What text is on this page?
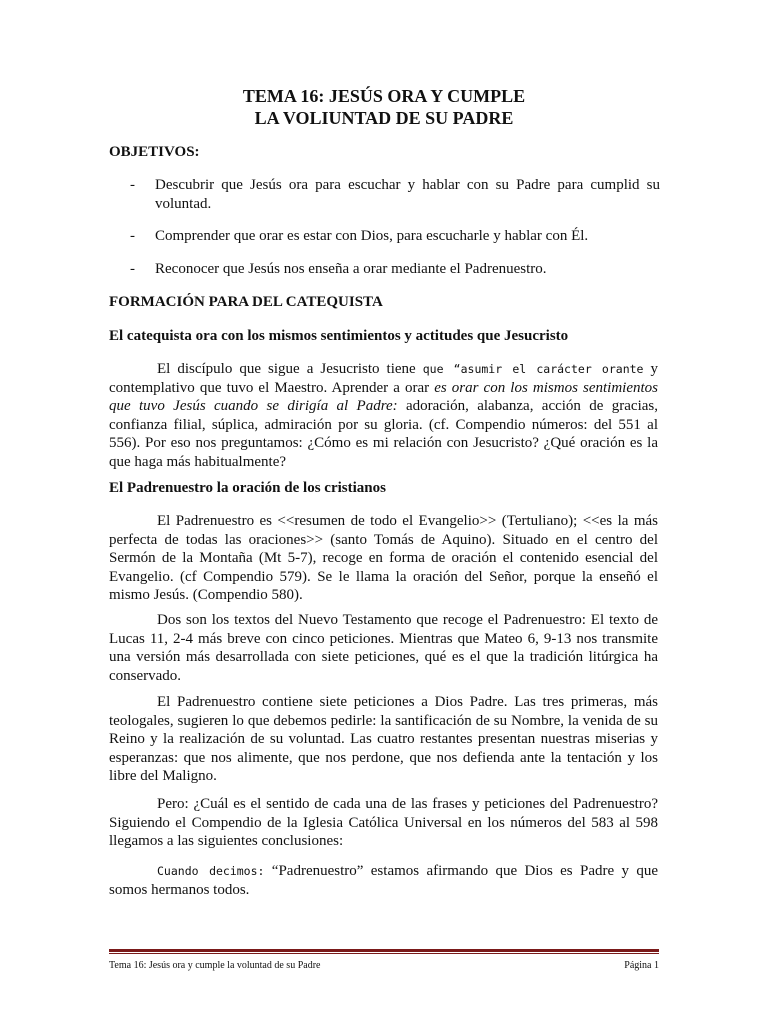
TEMA 16: JESÚS ORA Y CUMPLE
LA VOLIUNTAD DE SU PADRE
OBJETIVOS:
- Descubrir que Jesús ora para escuchar y hablar con su Padre para cumplid su voluntad.
- Comprender que orar es estar con Dios, para escucharle y hablar con Él.
- Reconocer que Jesús nos enseña a orar mediante el Padrenuestro.
FORMACIÓN PARA DEL CATEQUISTA
El catequista ora con los mismos sentimientos y actitudes que Jesucristo
El discípulo que sigue a Jesucristo tiene que “asumir el carácter orante y contemplativo que tuvo el Maestro. Aprender a orar es orar con los mismos sentimientos que tuvo Jesús cuando se dirigía al Padre: adoración, alabanza, acción de gracias, confianza filial, súplica, admiración por su gloria. (cf. Compendio números: del 551 al 556). Por eso nos preguntamos: ¿Cómo es mi relación con Jesucristo? ¿Qué oración es la que haga más habitualmente?
El Padrenuestro la oración de los cristianos
El Padrenuestro es <<resumen de todo el Evangelio>> (Tertuliano); <<es la más perfecta de todas las oraciones>> (santo Tomás de Aquino). Situado en el centro del Sermón de la Montaña (Mt 5-7), recoge en forma de oración el contenido esencial del Evangelio. (cf Compendio 579). Se le llama la oración del Señor, porque la enseñó el mismo Jesús. (Compendio 580).
Dos son los textos del Nuevo Testamento que recoge el Padrenuestro: El texto de Lucas 11, 2-4 más breve con cinco peticiones. Mientras que Mateo 6, 9-13 nos transmite una versión más desarrollada con siete peticiones, qué es el que la tradición litúrgica ha conservado.
El Padrenuestro contiene siete peticiones a Dios Padre. Las tres primeras, más teologales, sugieren lo que debemos pedirle: la santificación de su Nombre, la venida de su Reino y la realización de su voluntad. Las cuatro restantes presentan nuestras miserias y esperanzas: que nos alimente, que nos perdone, que nos defienda ante la tentación y los libre del Maligno.
Pero: ¿Cuál es el sentido de cada una de las frases y peticiones del Padrenuestro? Siguiendo el Compendio de la Iglesia Católica Universal en los números del 583 al 598 llegamos a las siguientes conclusiones:
Cuando decimos: “Padrenuestro” estamos afirmando que Dios es Padre y que somos hermanos todos.
Tema 16: Jesús ora y cumple la voluntad de su Padre	Página 1
